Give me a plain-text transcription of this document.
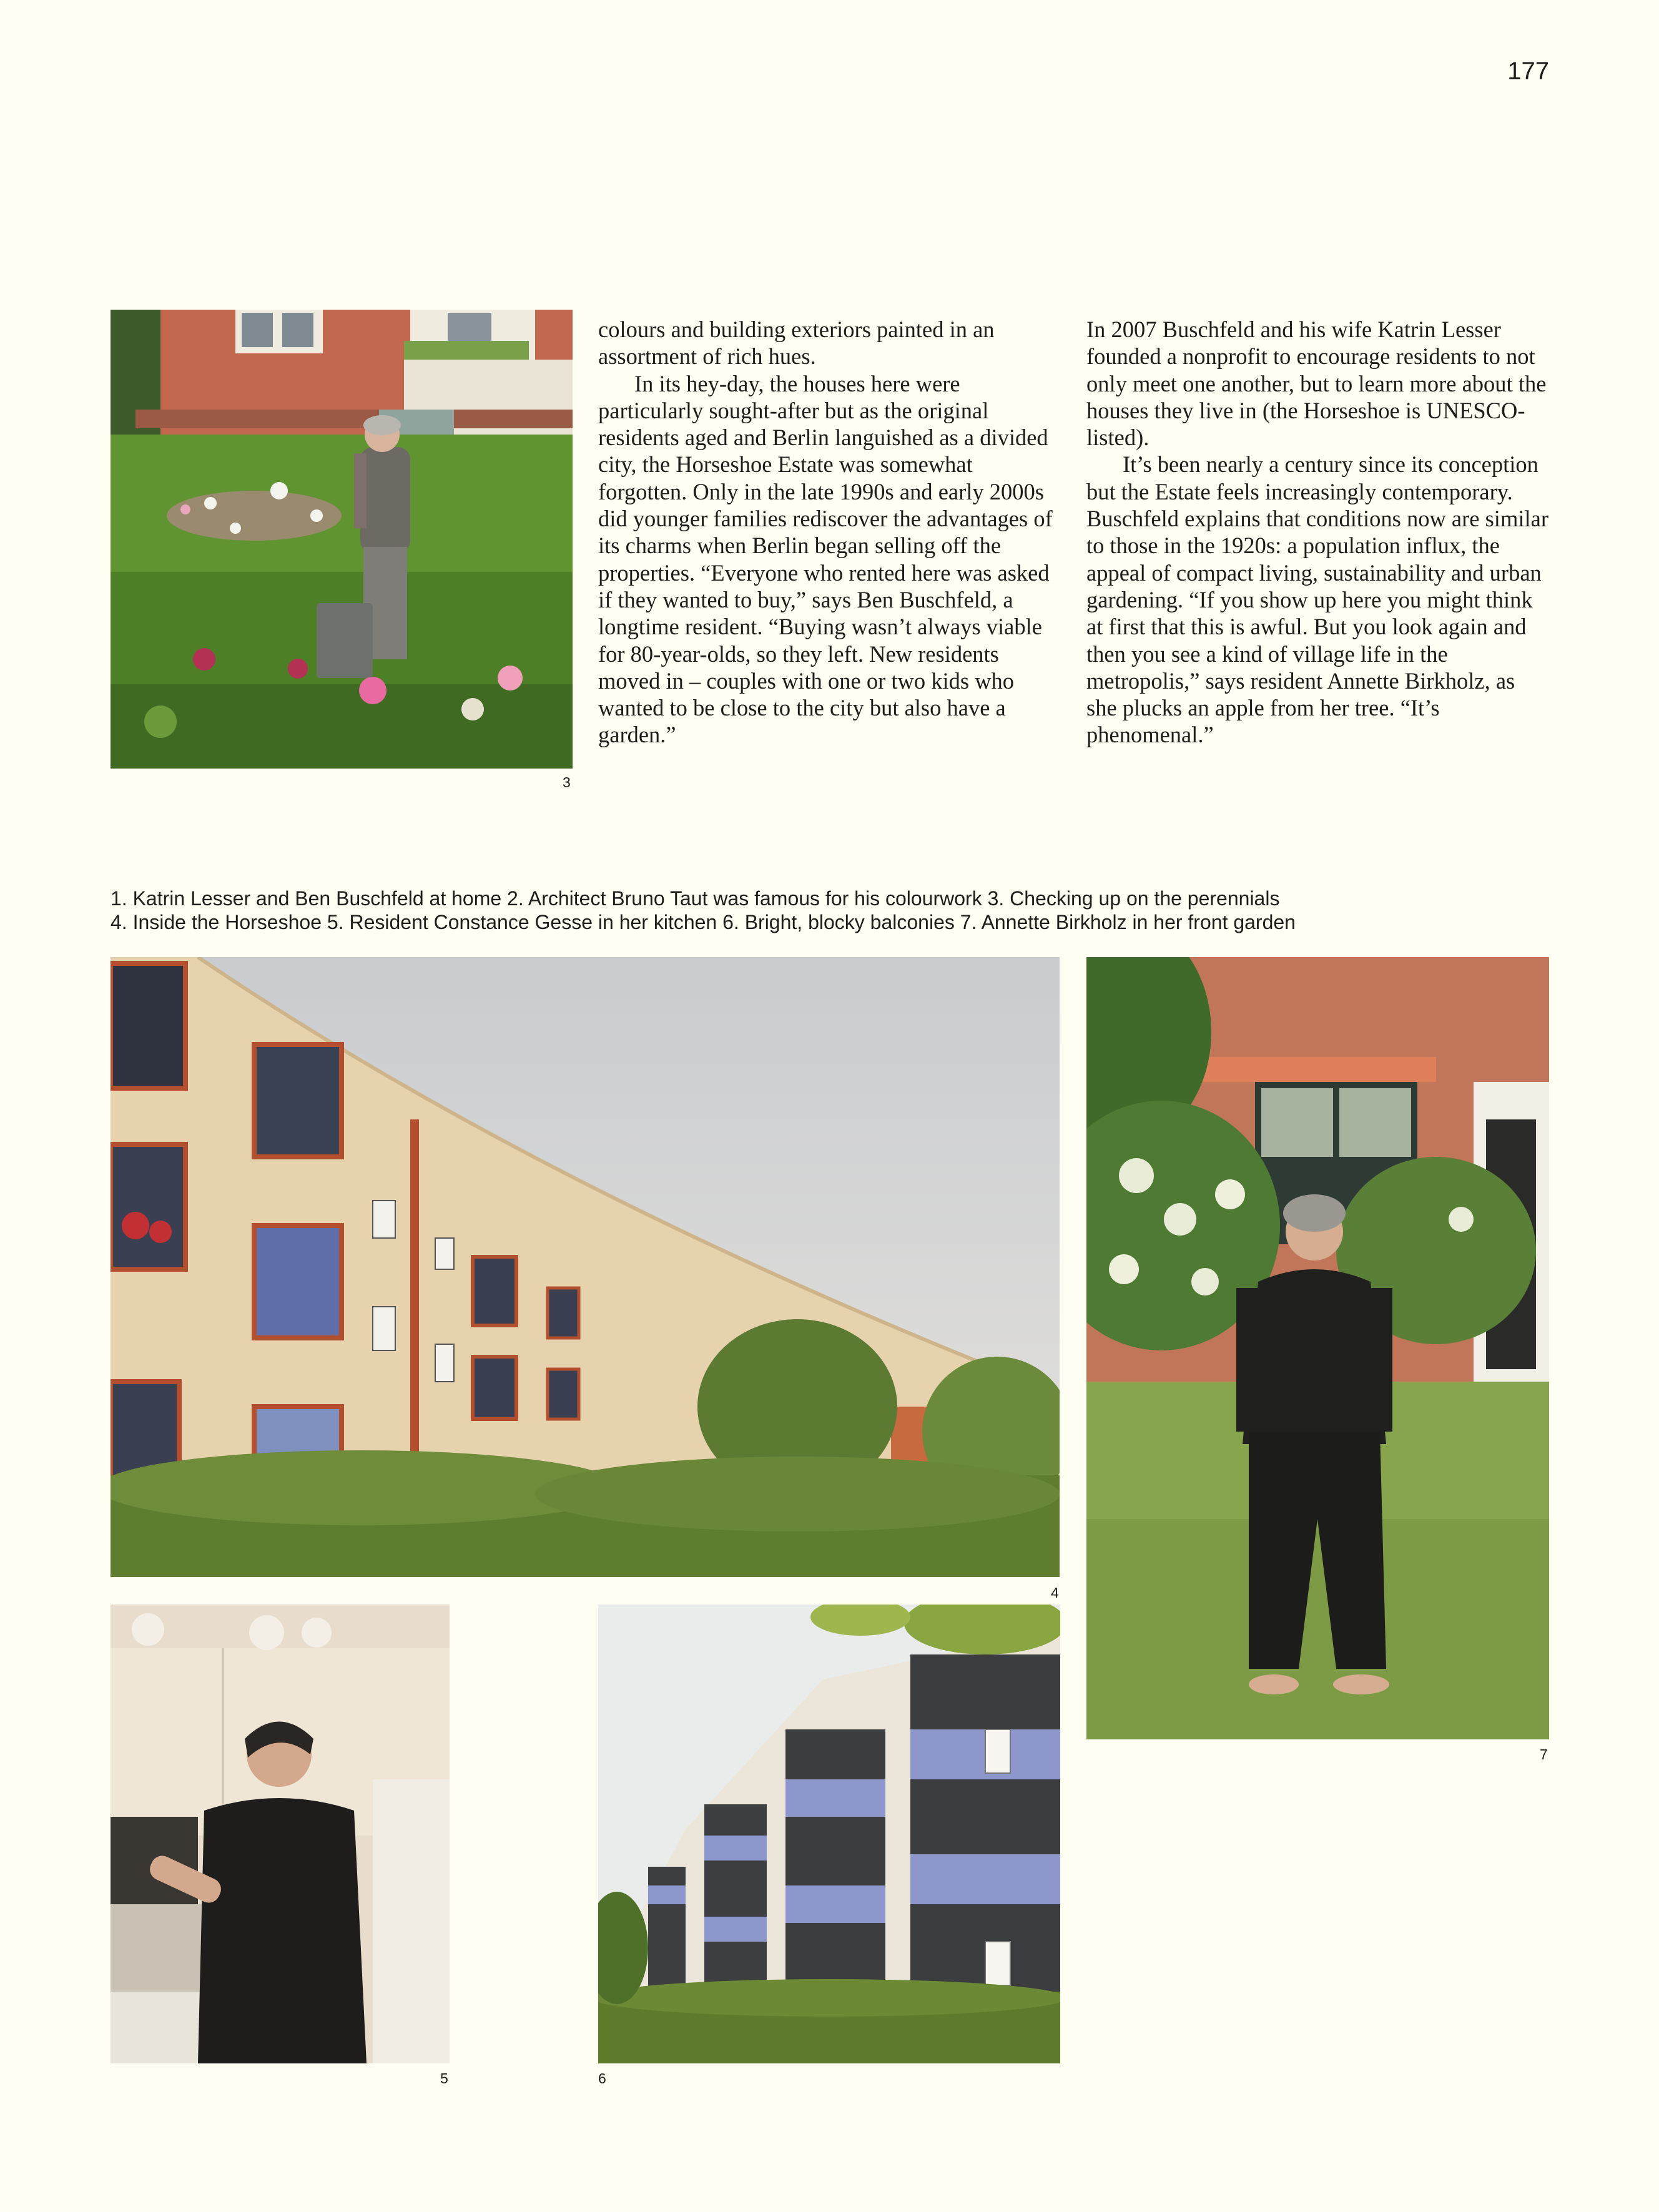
177
3

colours and building exteriors painted in an assortment of rich hues.

In its hey-day, the houses here were particularly sought-after but as the original residents aged and Berlin languished as a divided city, the Horseshoe Estate was somewhat forgotten. Only in the late 1990s and early 2000s did younger families rediscover the advantages of its charms when Berlin began selling off the properties. “Everyone who rented here was asked if they wanted to buy,” says Ben Buschfeld, a longtime resident. “Buying wasn’t always viable for 80-year-olds, so they left. New residents moved in – couples with one or two kids who wanted to be close to the city but also have a garden.”

In 2007 Buschfeld and his wife Katrin Lesser founded a nonprofit to encourage residents to not only meet one another, but to learn more about the houses they live in (the Horseshoe is UNESCO-listed).

It’s been nearly a century since its conception but the Estate feels increasingly contemporary. Buschfeld explains that conditions now are similar to those in the 1920s: a population influx, the appeal of compact living, sustainability and urban gardening. “If you show up here you might think at first that this is awful. But you look again and then you see a kind of village life in the metropolis,” says resident Annette Birkholz, as she plucks an apple from her tree. “It’s phenomenal.”

1. Katrin Lesser and Ben Buschfeld at home 2. Architect Bruno Taut was famous for his colourwork 3. Checking up on the perennials
4. Inside the Horseshoe 5. Resident Constance Gesse in her kitchen 6. Bright, blocky balconies 7. Annette Birkholz in her front garden
4
7
5	6
